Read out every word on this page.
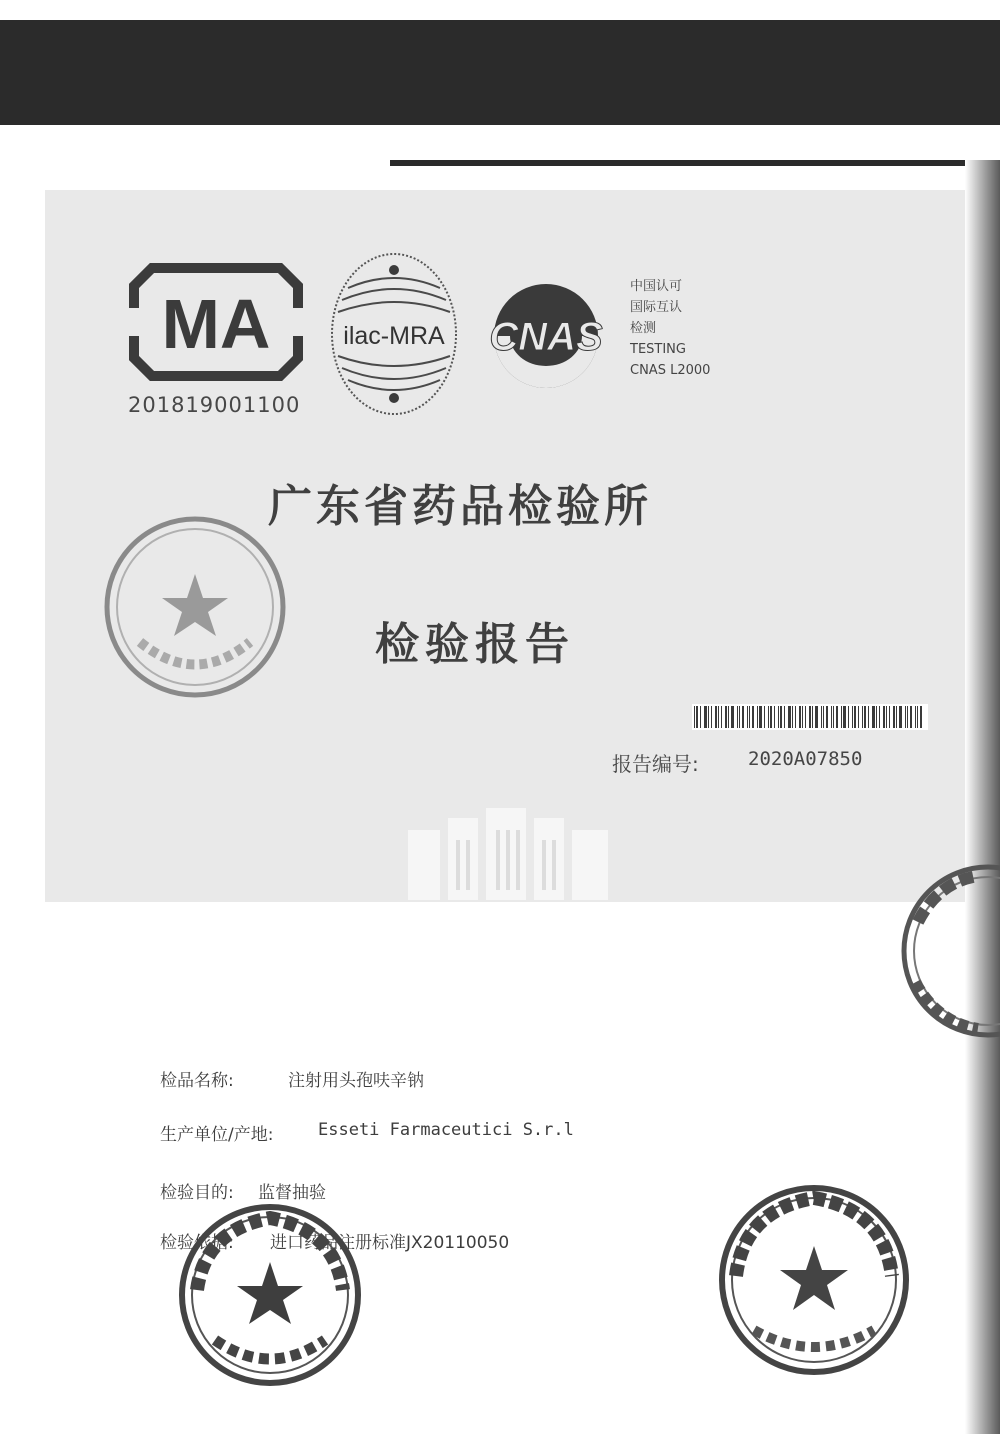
MA
201819001100
ilac-MRA CNAS
中国认可
国际互认
检测
TESTING
CNAS L2000
广东省药品检验所
检验报告
报告编号:	2020A07850
检品名称:	注射用头孢呋辛钠
生产单位/产地:	Esseti Farmaceutici S.r.l
检验目的: 监督抽验
检验依据: 进口药品注册标准JX20110050
